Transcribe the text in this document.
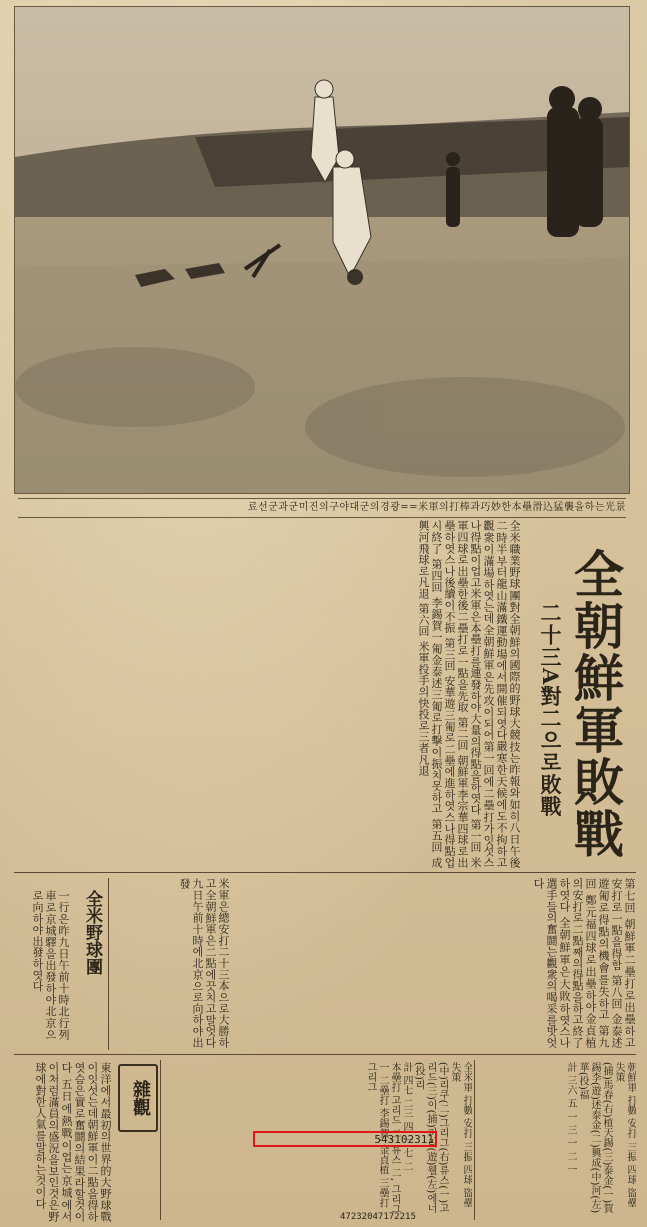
료선군과군미진의구야대군의경광==米軍의打棒과巧妙한本壘滑込猛襲을하는光景
全朝鮮軍敗戰
二十三A對二으로敗戰
全米職業野球團對全朝鮮의國際的野球大競技는昨報와如히八日午後二時半부터龍山滿鐵運動場에서開催되엿다嚴寒한天候에도不拘하고觀衆이滿場하엿는데全朝鮮軍은先攻이되어第一回에二壘打가잇섯스나得點이업고米軍은本壘打를連發하야大量의得點을하엿다 第一回 米軍四球로出壘한後二壘打로一點을先取 第二回 朝鮮軍李宗華四球로出壘하엿스나後續이不振 第三回 安華遊三匍로二壘에進하엿스나得點업시終了 第四回 李錫賀一匍金泰述三匍로打擊이振치못하고 第五回 成興河飛球로凡退 第六回 米軍投手의快投로三者凡退
第七回 朝鮮軍二壘打로出壘하고安打로一點을得함 第八回 金泰述遊匍로得點의機會를失하고 第九回 鄭元福四球로出壘하야金貞植의安打로二點째의得點을하고終了하엿다 全朝鮮軍은大敗하엿스나選手들의奮鬪는觀衆의喝采를밧엇다
米軍은總安打二十三本으로大勝하고全朝鮮軍은二點에끗치고말엇다 九日午前十時에北京으로向하야出發
全米野球團
一行은昨九日午前十時北行列車로京城驛을出發하야北京으로向하야出發하엿다
朝鮮軍 打數 安打 三振 四球 盜壘 失策
(捕)馬春(右)植天錫(三)泰金(一)賀錫李(遊)述泰金(二)興成(中)河(左)華(投)福
計 三六 五 一 三 一 二 一
全米軍 打數 安打 三振 四球 盜壘 失策
(中)리쿠(二)그리그(右)류스(一)고리드(三)이(捕)퍼리(遊)웰(左)에너(投)리
計 四七 二三 四 一 七 二
本壘打 고리드 二, 류스 二, 그리그 一 二壘打 李錫賀, 金貞植 三壘打 그리그
543102311
雜觀
東洋에서最初의世界的大野球戰이잇섯는데朝鮮軍이二點을得하엿슴은實로奮鬪의結果라할것이다 五日에熱戰이업는京城에서이처럼滿員의盛況을보인것은野球에對한人氣를말하는것이다
47232047172215
